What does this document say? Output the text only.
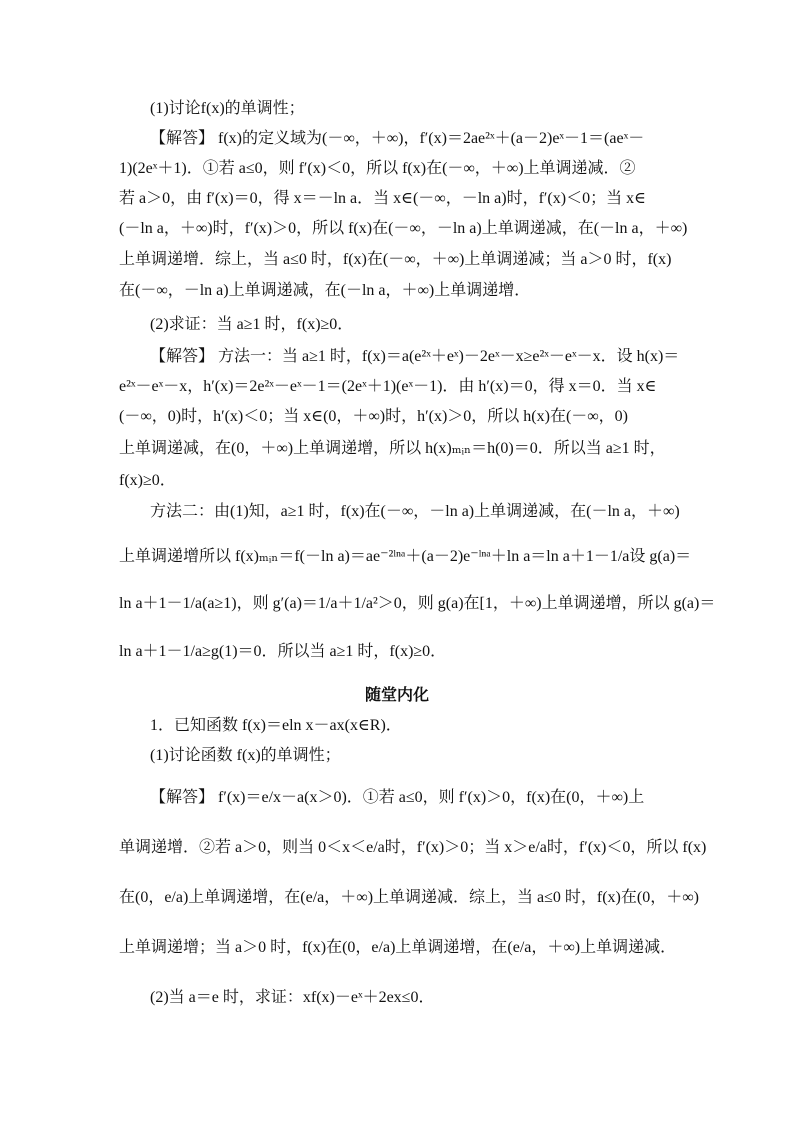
(1)讨论f(x)的单调性；
【解答】 f(x)的定义域为(－∞，＋∞)，f′(x)＝2ae²ˣ＋(a－2)eˣ－1＝(aeˣ－
1)(2eˣ＋1)．①若 a≤0，则 f′(x)＜0，所以 f(x)在(－∞，＋∞)上单调递减．②
若 a＞0，由 f′(x)＝0，得 x＝－ln a．当 x∈(－∞，－ln a)时，f′(x)＜0；当 x∈
(－ln a，＋∞)时，f′(x)＞0，所以 f(x)在(－∞，－ln a)上单调递减，在(－ln a，＋∞)
上单调递增．综上，当 a≤0 时，f(x)在(－∞，＋∞)上单调递减；当 a＞0 时，f(x)
在(－∞，－ln a)上单调递减，在(－ln a，＋∞)上单调递增．
(2)求证：当 a≥1 时，f(x)≥0．
【解答】 方法一：当 a≥1 时，f(x)＝a(e²ˣ＋eˣ)－2eˣ－x≥e²ˣ－eˣ－x．设 h(x)＝
e²ˣ－eˣ－x，h′(x)＝2e²ˣ－eˣ－1＝(2eˣ＋1)(eˣ－1)．由 h′(x)＝0，得 x＝0．当 x∈
(－∞，0)时，h′(x)＜0；当 x∈(0，＋∞)时，h′(x)＞0，所以 h(x)在(－∞，0)
上单调递减，在(0，＋∞)上单调递增，所以 h(x)ₘᵢₙ＝h(0)＝0．所以当 a≥1 时，
f(x)≥0．
方法二：由(1)知，a≥1 时，f(x)在(－∞，－ln a)上单调递减，在(－ln a，＋∞)
上单调递增所以 f(x)ₘᵢₙ＝f(－ln a)＝ae⁻²ˡⁿᵃ＋(a－2)e⁻ˡⁿᵃ＋ln a＝ln a＋1－1/a设 g(a)＝
ln a＋1－1/a(a≥1)，则 g′(a)＝1/a＋1/a²＞0，则 g(a)在[1，＋∞)上单调递增，所以 g(a)＝
ln a＋1－1/a≥g(1)＝0．所以当 a≥1 时，f(x)≥0．
随堂内化
1．已知函数 f(x)＝eln x－ax(x∈R)．
(1)讨论函数 f(x)的单调性；
【解答】 f′(x)＝e/x－a(x＞0)．①若 a≤0，则 f′(x)＞0，f(x)在(0，＋∞)上
单调递增．②若 a＞0，则当 0＜x＜e/a时，f′(x)＞0；当 x＞e/a时，f′(x)＜0，所以 f(x)
在(0，e/a)上单调递增，在(e/a，＋∞)上单调递减．综上，当 a≤0 时，f(x)在(0，＋∞)
上单调递增；当 a＞0 时，f(x)在(0，e/a)上单调递增，在(e/a，＋∞)上单调递减．
(2)当 a＝e 时，求证：xf(x)－eˣ＋2ex≤0．
